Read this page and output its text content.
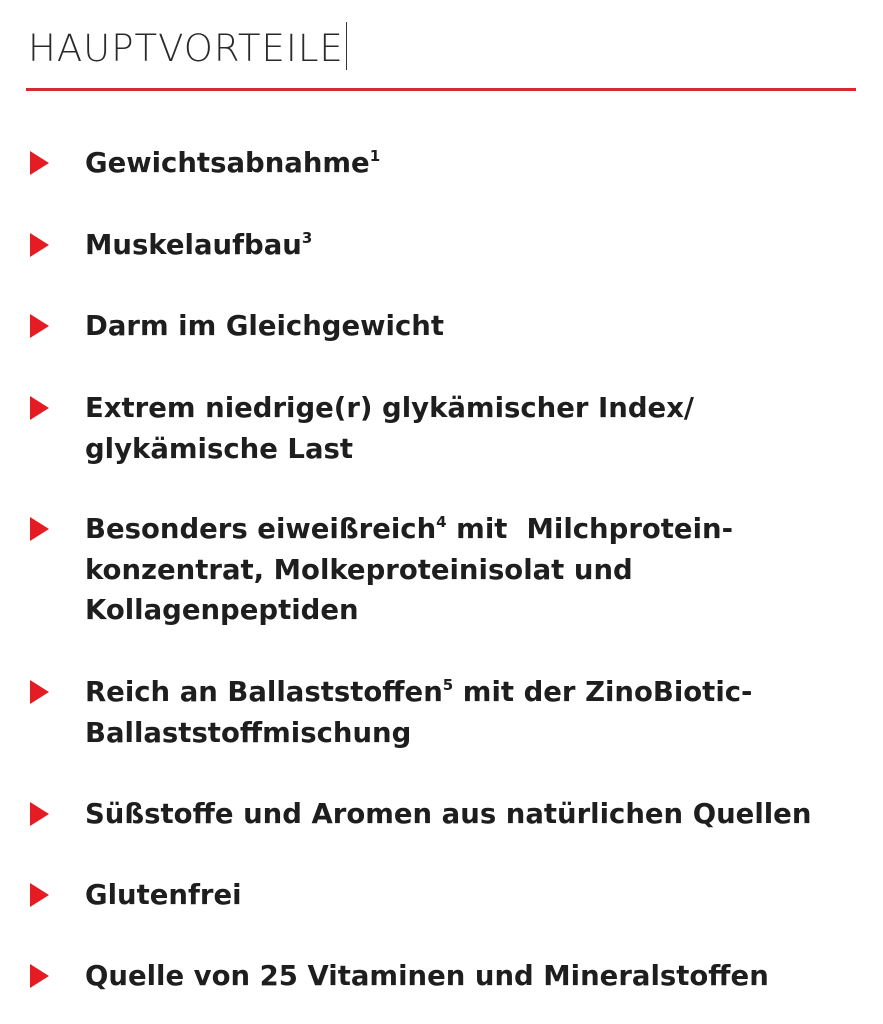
HAUPTVORTEILE

Gewichtsabnahme$^1$

Muskelaufbau$^3$

Darm im Gleichgewicht

Extrem niedrige(r) glykämischer Index/
glykämische Last

Besonders eiweißreich$^4$ mit  Milchprotein-
konzentrat, Molkeproteinisolat und
Kollagenpeptiden

Reich an Ballaststoffen$^5$ mit der ZinoBiotic-
Ballaststoffmischung

Süßstoffe und Aromen aus natürlichen Quellen

Glutenfrei

Quelle von 25 Vitaminen und Mineralstoffen
